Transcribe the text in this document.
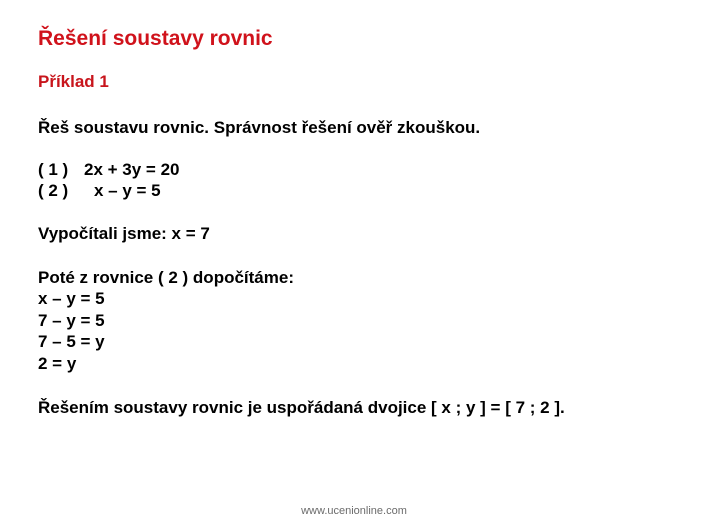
Řešení soustavy rovnic
Příklad 1
Řeš soustavu rovnic. Správnost řešení ověř zkouškou.
( 1 ) 2x + 3y = 20
( 2 ) x – y = 5
Vypočítali jsme: x = 7
Poté z rovnice ( 2 ) dopočítáme:
x – y = 5
7 – y = 5
7 – 5 = y
2 = y
Řešením soustavy rovnic je uspořádaná dvojice [ x ; y ] = [ 7 ; 2 ].
www.ucenionline.com
